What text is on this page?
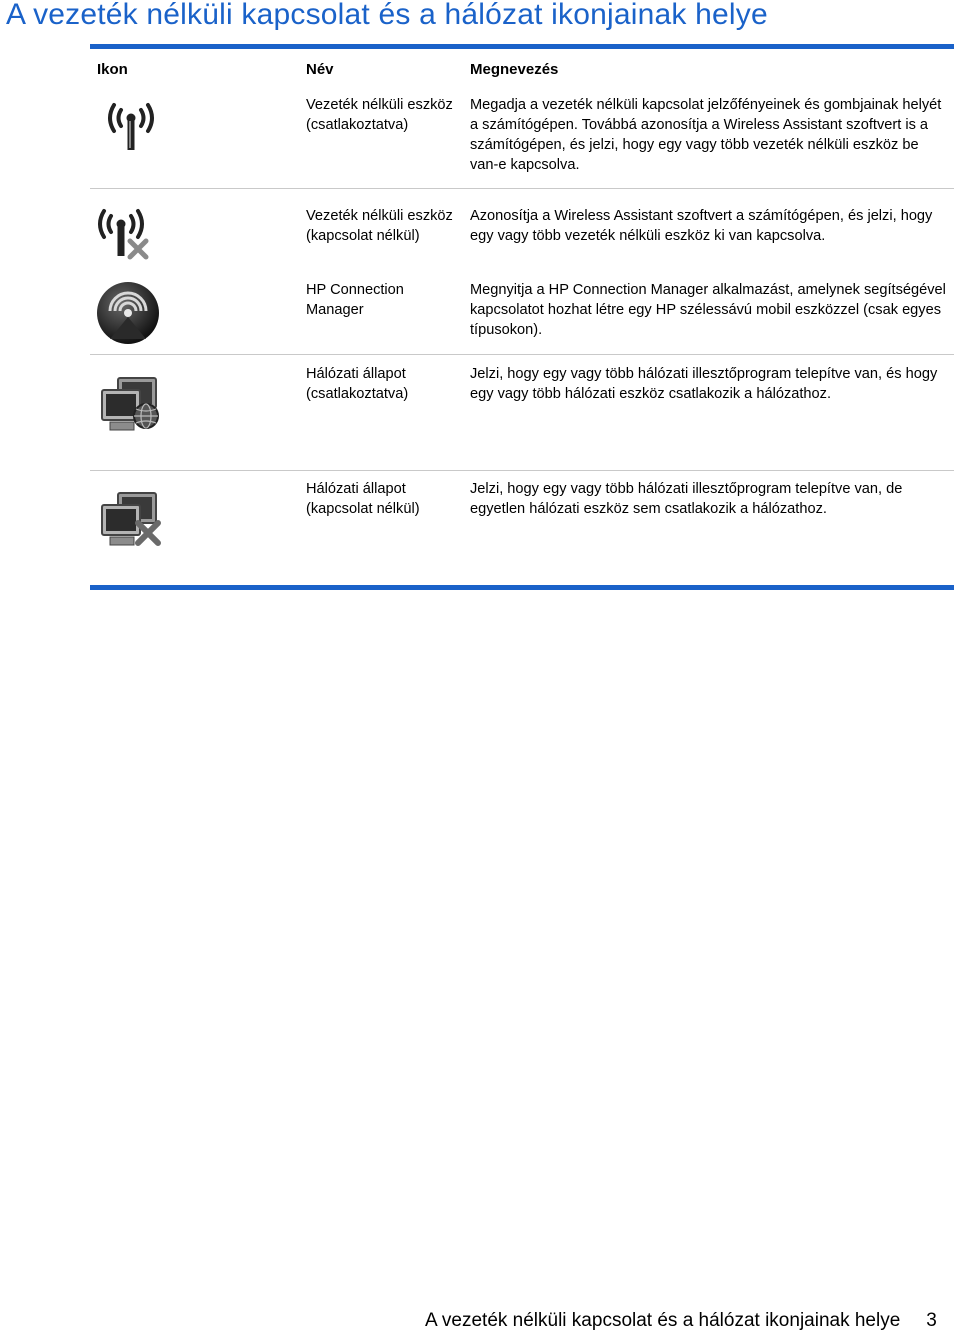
A vezeték nélküli kapcsolat és a hálózat ikonjainak helye
Ikon	Név	Megnevezés
Vezeték nélküli eszköz (csatlakoztatva)
Megadja a vezeték nélküli kapcsolat jelzőfényeinek és gombjainak helyét a számítógépen. Továbbá azonosítja a Wireless Assistant szoftvert is a számítógépen, és jelzi, hogy egy vagy több vezeték nélküli eszköz be van-e kapcsolva.
Vezeték nélküli eszköz (kapcsolat nélkül)
Azonosítja a Wireless Assistant szoftvert a számítógépen, és jelzi, hogy egy vagy több vezeték nélküli eszköz ki van kapcsolva.
HP Connection Manager
Megnyitja a HP Connection Manager alkalmazást, amelynek segítségével kapcsolatot hozhat létre egy HP szélessávú mobil eszközzel (csak egyes típusokon).
Hálózati állapot (csatlakoztatva)
Jelzi, hogy egy vagy több hálózati illesztőprogram telepítve van, és hogy egy vagy több hálózati eszköz csatlakozik a hálózathoz.
Hálózati állapot (kapcsolat nélkül)
Jelzi, hogy egy vagy több hálózati illesztőprogram telepítve van, de egyetlen hálózati eszköz sem csatlakozik a hálózathoz.
A vezeték nélküli kapcsolat és a hálózat ikonjainak helye 3
